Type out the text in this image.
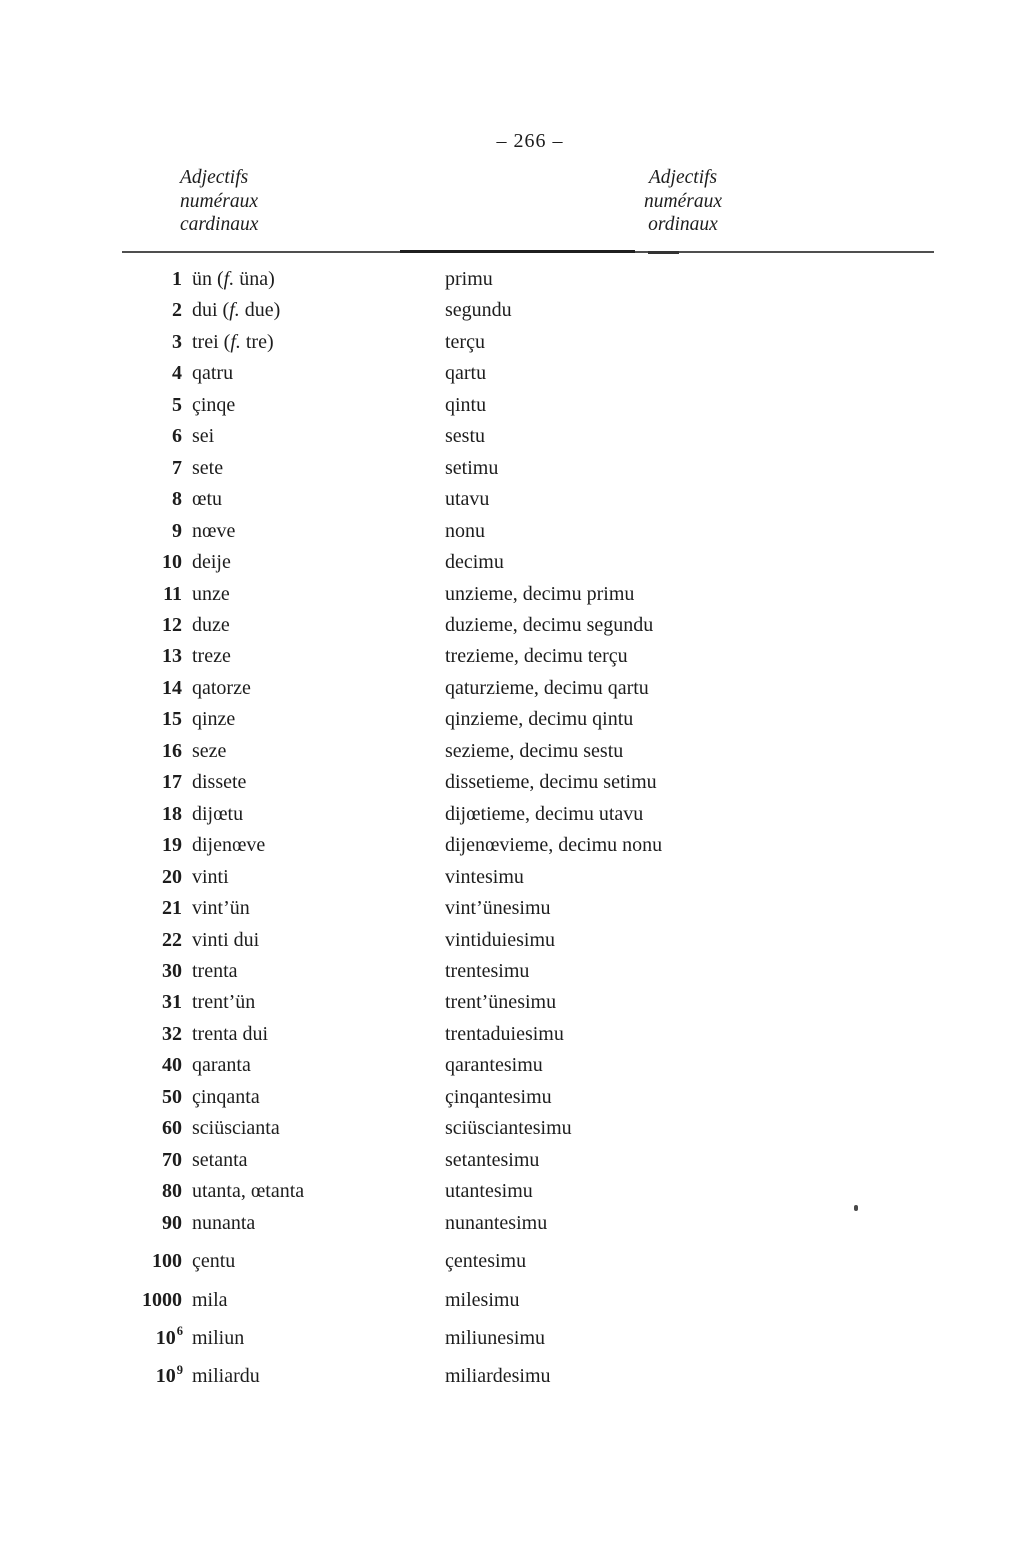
– 266 –
Adjectifs
numéraux
cardinaux
Adjectifs
numéraux
ordinaux
1 ün (f. üna)	primu
2 dui (f. due)	segundu
3 trei (f. tre)	terçu
4 qatru	qartu
5 çinqe	qintu
6 sei	sestu
7 sete	setimu
8 œtu	utavu
9 nœve	nonu
10 deije	decimu
11 unze	unzieme, decimu primu
12 duze	duzieme, decimu segundu
13 treze	trezieme, decimu terçu
14 qatorze	qaturzieme, decimu qartu
15 qinze	qinzieme, decimu qintu
16 seze	sezieme, decimu sestu
17 dissete	dissetieme, decimu setimu
18 dijœtu	dijœtieme, decimu utavu
19 dijenœve	dijenœvieme, decimu nonu
20 vinti	vintesimu
21 vint’ün	vint’ünesimu
22 vinti dui	vintiduiesimu
30 trenta	trentesimu
31 trent’ün	trent’ünesimu
32 trenta dui	trentaduiesimu
40 qaranta	qarantesimu
50 çinqanta	çinqantesimu
60 sciüscianta	sciüsciantesimu
70 setanta	setantesimu
80 utanta, œtanta	utantesimu
90 nunanta	nunantesimu
100 çentu	çentesimu
1000 mila	milesimu
$10^6$ miliun	miliunesimu
$10^9$ miliardu	miliardesimu
